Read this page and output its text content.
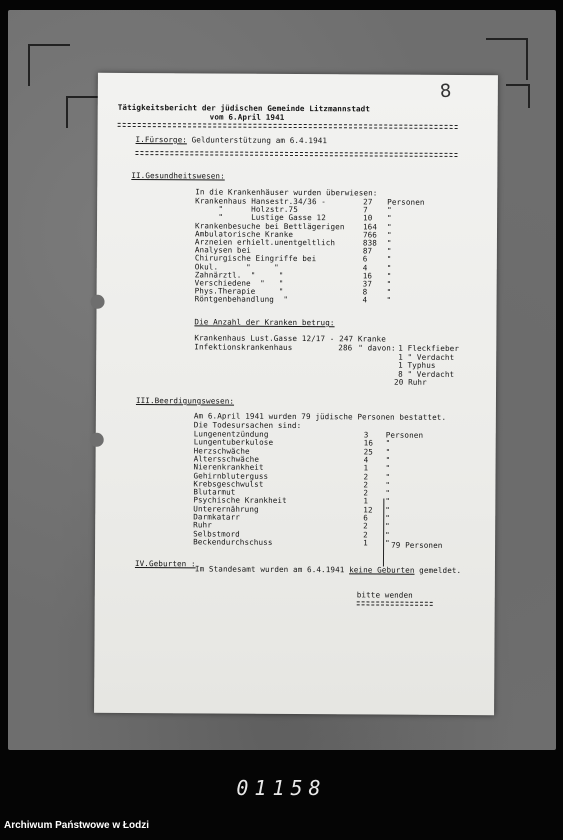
8
Tätigkeitsbericht der jüdischen Gemeinde Litzmannstadt
vom 6.April 1941
I.Fürsorge: Geldunterstützung am 6.4.1941
II.Gesundheitswesen:
In die Krankenhäuser wurden überwiesen:
Krankenhaus Hansestr.34/36 -	27 Personen
"      Holzstr.75	7	"
"      Lustige Gasse 12	10 "
Krankenbesuche bei Bettlägerigen 164 "
Ambulatorische Kranke	766 "
Arzneien erhielt.unentgeltlich	838 "
Analysen bei	87 "
Chirurgische Eingriffe bei	6	"
Okul.      "     "	4	"
Zahnärztl.  "     "	16 "
Verschiedene  "   "	37 "
Phys.Therapie     "	8	"
Röntgenbehandlung  "	4	"
Die Anzahl der Kranken betrug:
Krankenhaus Lust.Gasse 12/17 - 247 Kranke
Infektionskrankenhaus	286 " davon: 1 Fleckfieber
1 " Verdacht
1 Typhus
8 " Verdacht
20 Ruhr
III.Beerdigungswesen:
Am 6.April 1941 wurden 79 jüdische Personen bestattet.
Die Todesursachen sind:
Lungenentzündung	3 Personen
Lungentuberkulose	16 "
Herzschwäche	25 "
Altersschwäche	4 "
Nierenkrankheit	1 "
Gehirnbluterguss	2 "
Krebsgeschwulst	2 "
Blutarmut	2 "
Psychische Krankheit	1 "
Unterernährung	12 "
Darmkatarr	6 "
Ruhr	2 "
Selbstmord	2 "
Beckendurchschuss	1 " 79 Personen
IV.Geburten :
Im Standesamt wurden am 6.4.1941 keine Geburten gemeldet.
bitte wenden
01158
Archiwum Państwowe w Łodzi
